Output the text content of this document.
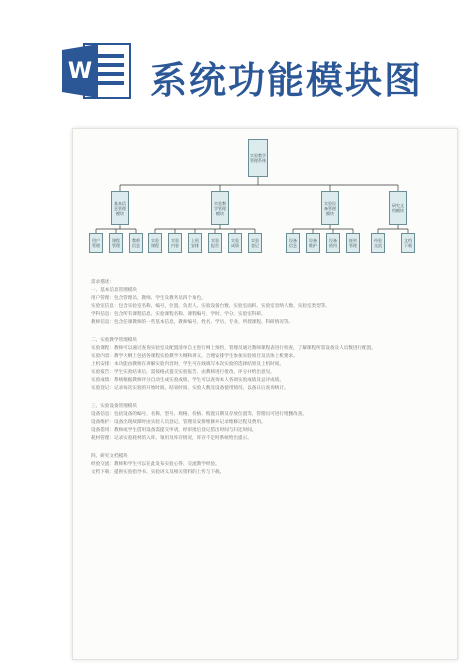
W 系统功能模块图
实验教学管理系统
基本信息管理模块
实验教学管理模块
实验设备管理模块
研究文档模块
用户管理
课程管理
教师信息
实验课程
实验内容
上机安排
实验报告
实验成绩
实验登记
设备信息
设备维护
设备借用
耗材管理
经验交流
文档下载

需求描述：

一、基本信息管理模块

用户管理：包含管理员、教师、学生及教务员四个角色。

实验室信息：包含实验室名称、编号、位置、负责人、实验设备台数、实验室面积、实验室容纳人数、实验室类型等。

学科信息：包含所有课程信息、实验课程名称、课程编号、学时、学分、实验室科研。

教师信息：包含任课教师的一些基本信息，教师编号、姓名、学历、专业、所授课程、科研情况等。

二、实验教学管理模块

实验课程：教师可以通过查询实验室及配置清单自主进行网上预约，管理员通过教师课程表进行检查，了解课程所需设备及人员数进行配置。

实验内容：教学大纲上包括各课程实验教学大纲和讲义，合理安排学生参加实验项目及具体上机要求。

上机安排：本功能由教师在讲解实验内容时，学生可在线填写本次实验的选择结果及上机时间。

实验报告：学生实验结束后，需按格式提交实验报告，由教师进行批改、评分并给出意见。

实验成绩：系统根据教师评分自动生成实验成绩，学生可以查询本人各项实验成绩及总评成绩。

实验登记：记录每次实验的开始时间、结束时间、实验人数及设备使用情况，以备日后查询统计。

三、实验设备管理模块

设备信息：包括设备的编号、名称、型号、规格、价格、购置日期及存放位置等，管理员可进行增删改查。

设备维护：设备出现故障时由实验人员登记，管理员安排维修并记录维修过程及费用。

设备借用：教师或学生借用设备需提交申请，经审批后登记借出时间与归还时间。

耗材管理：记录实验耗材的入库、领用及库存情况，库存不足时系统给出提示。

四、研究文档模块

经验交流：教师和学生可以在此发布实验心得、交流教学经验。

文档下载：提供实验指导书、实验讲义及相关资料的上传与下载。
